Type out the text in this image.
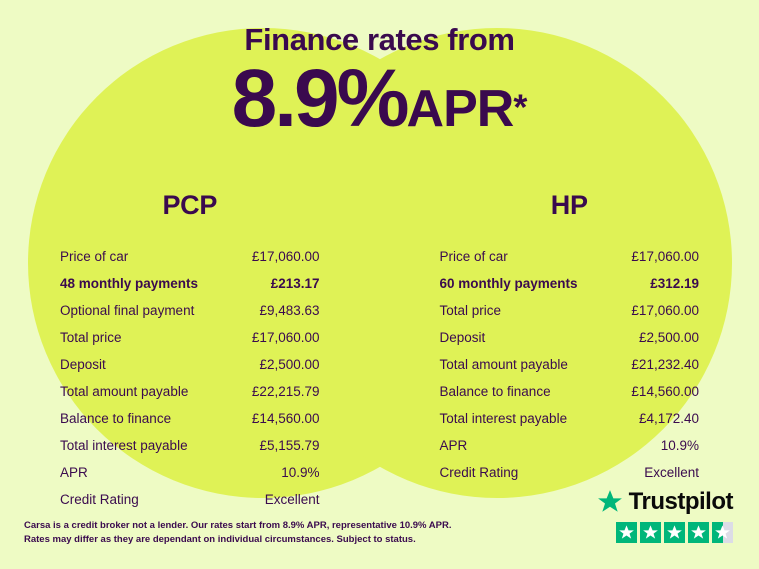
Finance rates from
8.9%APR*
PCP
Price of car	£17,060.00
48 monthly payments	£213.17
Optional final payment	£9,483.63
Total price	£17,060.00
Deposit	£2,500.00
Total amount payable	£22,215.79
Balance to finance	£14,560.00
Total interest payable	£5,155.79
APR	10.9%
Credit Rating	Excellent
HP
Price of car	£17,060.00
60 monthly payments	£312.19
Total price	£17,060.00
Deposit	£2,500.00
Total amount payable	£21,232.40
Balance to finance	£14,560.00
Total interest payable	£4,172.40
APR	10.9%
Credit Rating	Excellent
Carsa is a credit broker not a lender. Our rates start from 8.9% APR, representative 10.9% APR.
Rates may differ as they are dependant on individual circumstances. Subject to status.
Trustpilot
